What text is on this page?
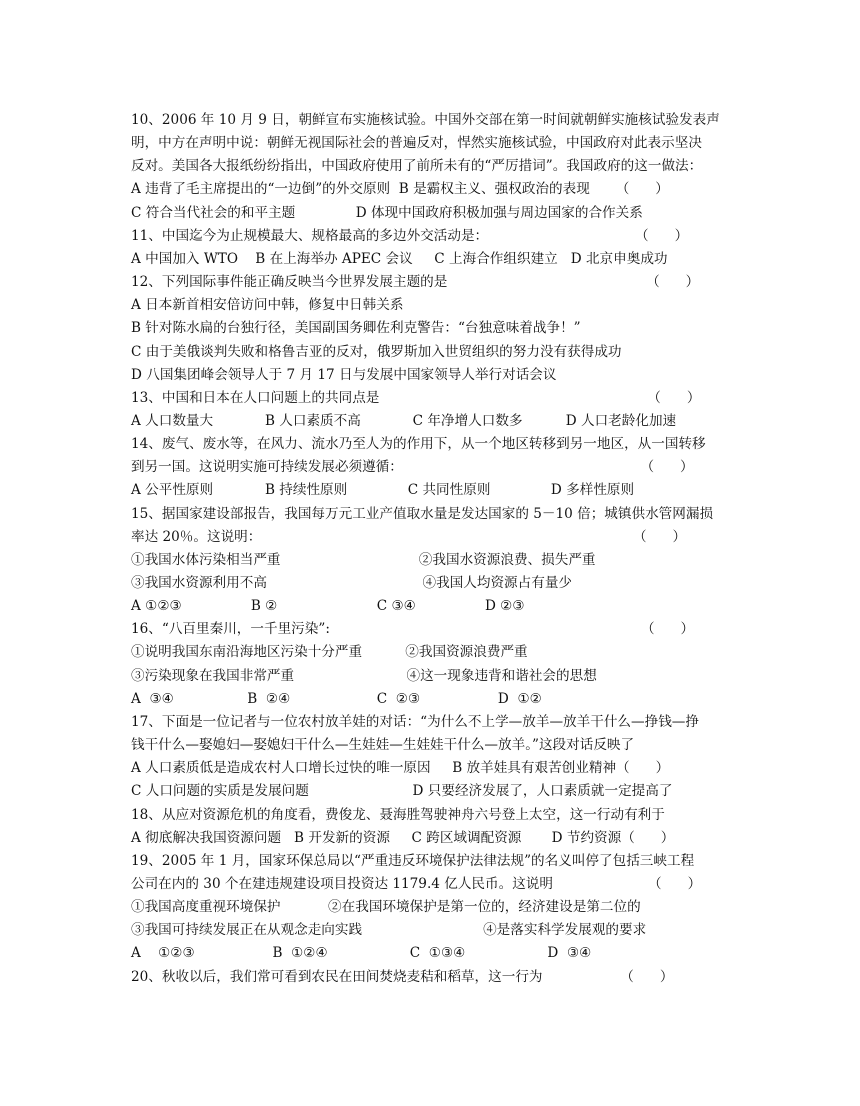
10、2006 年 10 月 9 日，朝鲜宣布实施核试验。中国外交部在第一时间就朝鲜实施核试验发表声
明，中方在声明中说：朝鲜无视国际社会的普遍反对，悍然实施核试验，中国政府对此表示坚决
反对。美国各大报纸纷纷指出，中国政府使用了前所未有的“严厉措词”。我国政府的这一做法：
A 违背了毛主席提出的“一边倒”的外交原则  B 是霸权主义、强权政治的表现      （      ）
C 符合当代社会的和平主题              D 体现中国政府积极加强与周边国家的合作关系
11、中国迄今为止规模最大、规格最高的多边外交活动是：                                  （      ）
A 中国加入 WTO    B 在上海举办 APEC 会议     C 上海合作组织建立   D 北京申奥成功
12、下列国际事件能正确反映当今世界发展主题的是                                              （      ）
A 日本新首相安倍访问中韩，修复中日韩关系
B 针对陈水扁的台独行径，美国副国务卿佐利克警告：“台独意味着战争！”
C 由于美俄谈判失败和格鲁吉亚的反对，俄罗斯加入世贸组织的努力没有获得成功
D 八国集团峰会领导人于 7 月 17 日与发展中国家领导人举行对话会议
13、中国和日本在人口问题上的共同点是                                                              （      ）
A 人口数量大            B 人口素质不高            C 年净增人口数多          D 人口老龄化加速
14、废气、废水等，在风力、流水乃至人为的作用下，从一个地区转移到另一地区，从一国转移
到另一国。这说明实施可持续发展必须遵循：                                                       （      ）
A 公平性原则            B 持续性原则              C 共同性原则              D 多样性原则
15、据国家建设部报告，我国每万元工业产值取水量是发达国家的 5－10 倍；城镇供水管网漏损
率达 20％。这说明：                                                                                      （      ）
①我国水体污染相当严重                                ②我国水资源浪费、损失严重
③我国水资源利用不高                                    ④我国人均资源占有量少
A ①②③                B ②                       C ③④                D ②③
16、“八百里秦川，一千里污染”:                                                                        （      ）
①说明我国东南沿海地区污染十分严重          ②我国资源浪费严重
③污染现象在我国非常严重                          ④这一现象违背和谐社会的思想
A  ③④                 B  ②④                    C  ②③                  D  ①②
17、下面是一位记者与一位农村放羊娃的对话：“为什么不上学—放羊—放羊干什么—挣钱—挣
钱干什么—娶媳妇—娶媳妇干什么—生娃娃—生娃娃干什么—放羊。”这段对话反映了
A 人口素质低是造成农村人口增长过快的唯一原因     B 放羊娃具有艰苦创业精神（      ）
C 人口问题的实质是发展问题                        D 只要经济发展了，人口素质就一定提高了
18、从应对资源危机的角度看，费俊龙、聂海胜驾驶神舟六号登上太空，这一行动有利于
A 彻底解决我国资源问题   B 开发新的资源     C 跨区域调配资源       D 节约资源（      ）
19、2005 年 1 月，国家环保总局以“严重违反环境保护法律法规”的名义叫停了包括三峡工程
公司在内的 30 个在建违规建设项目投资达 1179.4 亿人民币。这说明                      （      ）
①我国高度重视环境保护           ②在我国环境保护是第一位的，经济建设是第二位的
③我国可持续发展正在从观念走向实践                            ④是落实科学发展观的要求
A    ①②③                  B  ①②④                   C  ①③④                   D  ③④
20、秋收以后，我们常可看到农民在田间焚烧麦秸和稻草，这一行为                  （      ）
